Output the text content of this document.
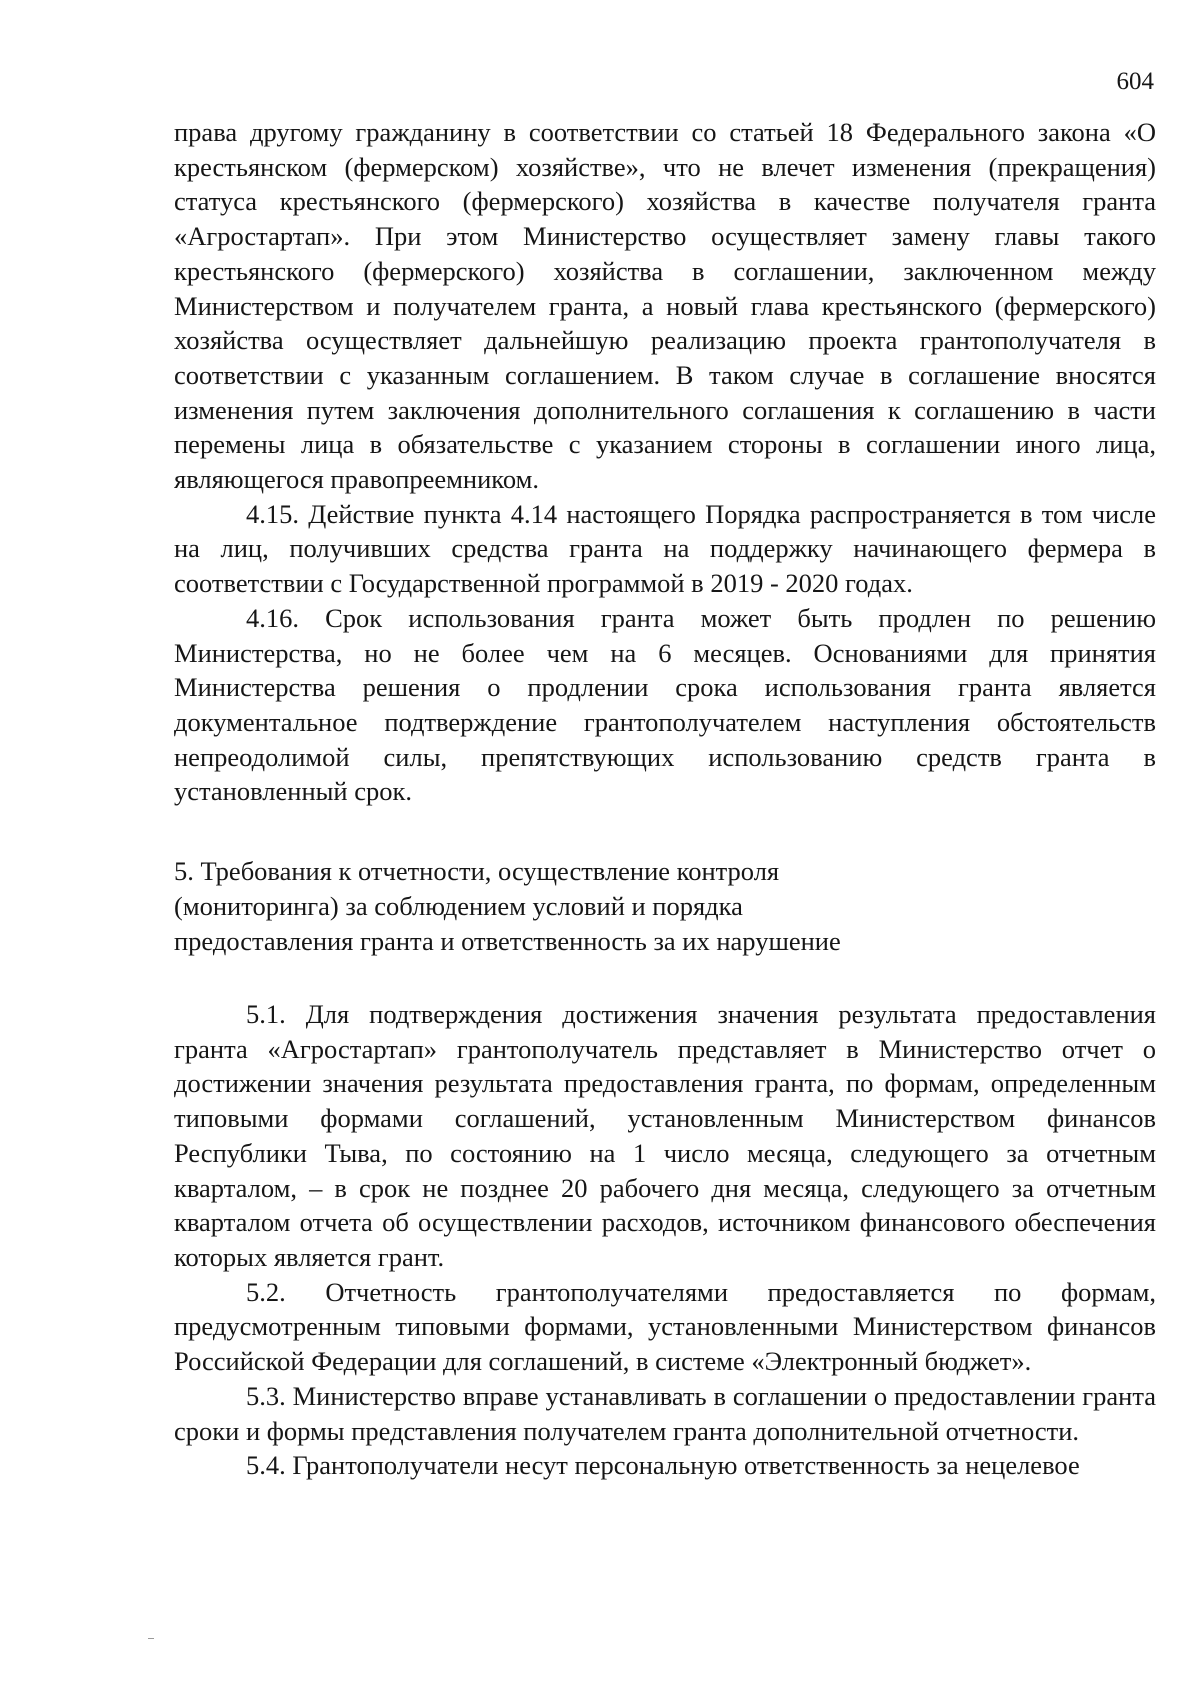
604

права другому гражданину в соответствии со статьей 18 Федерального закона «О крестьянском (фермерском) хозяйстве», что не влечет изменения (прекращения) статуса крестьянского (фермерского) хозяйства в качестве получателя гранта «Агростартап». При этом Министерство осуществляет замену главы такого крестьянского (фермерского) хозяйства в соглашении, заключенном между Министерством и получателем гранта, а новый глава крестьянского (фермерского) хозяйства осуществляет дальнейшую реализацию проекта грантополучателя в соответствии с указанным соглашением. В таком случае в соглашение вносятся изменения путем заключения дополнительного соглашения к соглашению в части перемены лица в обязательстве с указанием стороны в соглашении иного лица, являющегося правопреемником.

4.15. Действие пункта 4.14 настоящего Порядка распространяется в том числе на лиц, получивших средства гранта на поддержку начинающего фермера в соответствии с Государственной программой в 2019 - 2020 годах.

4.16. Срок использования гранта может быть продлен по решению Министерства, но не более чем на 6 месяцев. Основаниями для принятия Министерства решения о продлении срока использования гранта является документальное подтверждение грантополучателем наступления обстоятельств непреодолимой силы, препятствующих использованию средств гранта в установленный срок.

5. Требования к отчетности, осуществление контроля
(мониторинга) за соблюдением условий и порядка
предоставления гранта и ответственность за их нарушение

5.1. Для подтверждения достижения значения результата предоставления гранта «Агростартап» грантополучатель представляет в Министерство отчет о достижении значения результата предоставления гранта, по формам, определенным типовыми формами соглашений, установленным Министерством финансов Республики Тыва, по состоянию на 1 число месяца, следующего за отчетным кварталом, – в срок не позднее 20 рабочего дня месяца, следующего за отчетным кварталом отчета об осуществлении расходов, источником финансового обеспечения которых является грант.

5.2. Отчетность грантополучателями предоставляется по формам, предусмотренным типовыми формами, установленными Министерством финансов Российской Федерации для соглашений, в системе «Электронный бюджет».

5.3. Министерство вправе устанавливать в соглашении о предоставлении гранта сроки и формы представления получателем гранта дополнительной отчетности.

5.4. Грантополучатели несут персональную ответственность за нецелевое
